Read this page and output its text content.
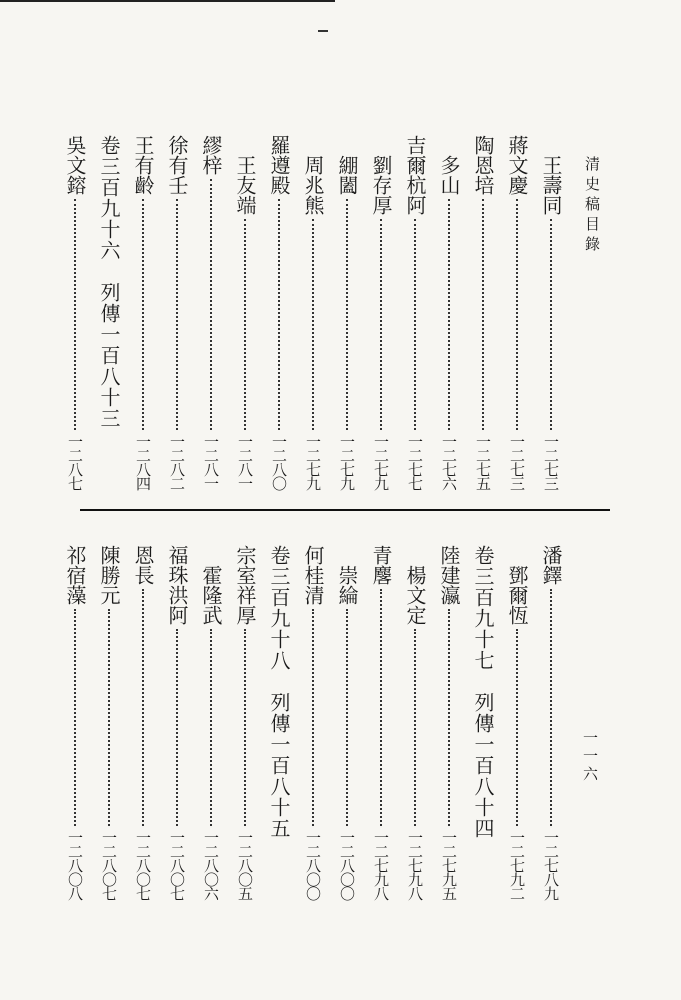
清史稿目錄
一一六
王壽同
一二七三
蔣文慶
一二七三
陶恩培
一二七五
多山
一二七六
吉爾杭阿
一二七七
劉存厚
一二七九
綳闔
一二七九
周兆熊
一二七九
羅遵殿
一二八〇
王友端
一二八一
繆梓
一二八一
徐有壬
一二八二
王有齡
一二八四
卷三百九十六　列傳一百八十三
吳文鎔
一二八七
潘鐸
一二七八九
鄧爾恆
一二七九二
卷三百九十七　列傳一百八十四
陸建瀛
一二七九五
楊文定
一二七九八
青麐
一二七九八
崇綸
一二八〇〇
何桂清
一二八〇〇
卷三百九十八　列傳一百八十五
宗室祥厚
一二八〇五
霍隆武
一二八〇六
福珠洪阿
一二八〇七
恩長
一二八〇七
陳勝元
一二八〇七
祁宿藻
一二八〇八
